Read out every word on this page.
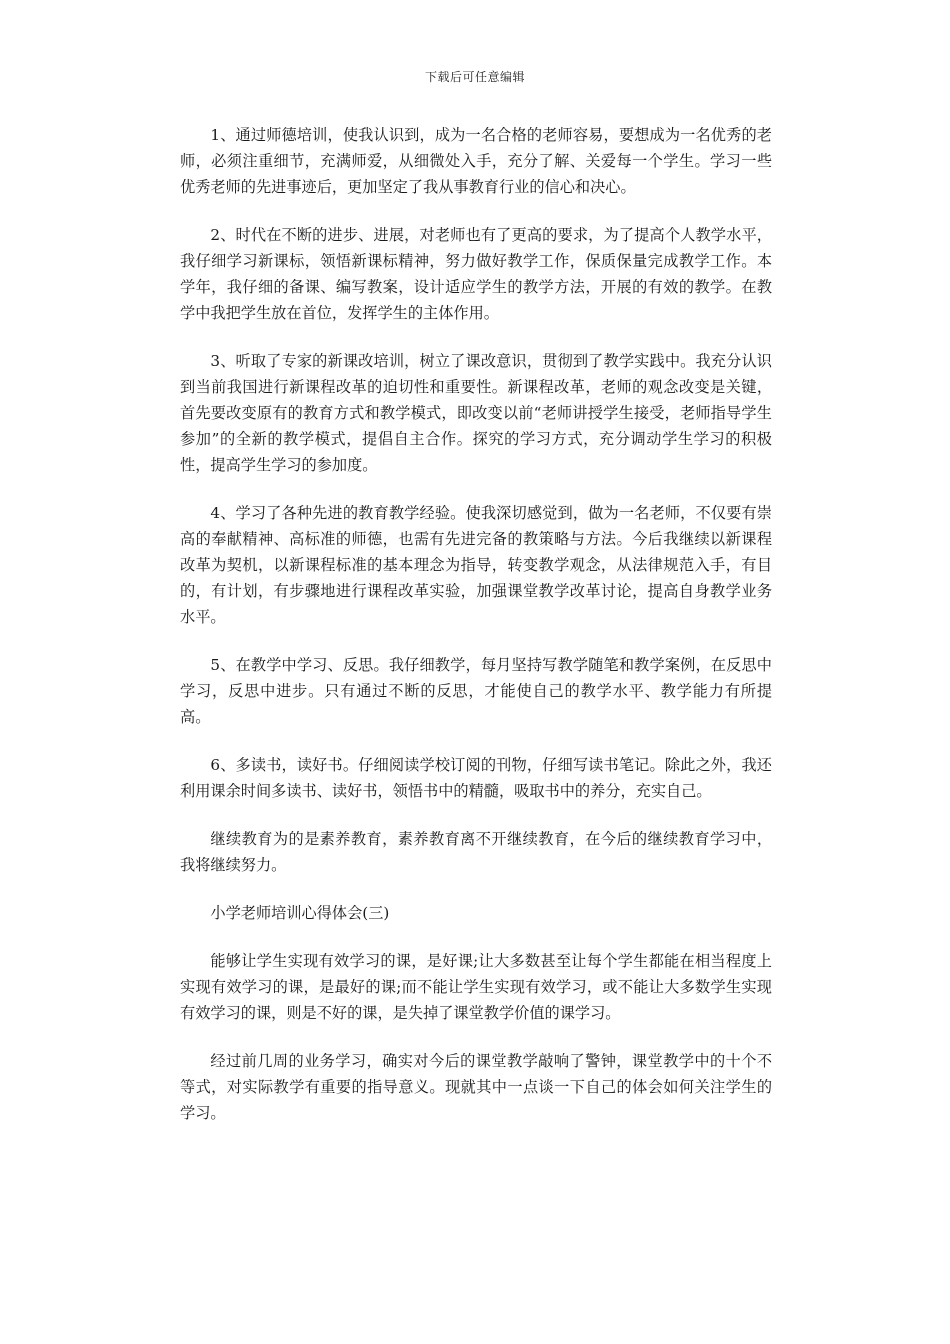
下载后可任意编辑

1、通过师德培训，使我认识到，成为一名合格的老师容易，要想成为一名优秀的老师，必须注重细节，充满师爱，从细微处入手，充分了解、关爱每一个学生。学习一些优秀老师的先进事迹后，更加坚定了我从事教育行业的信心和决心。

2、时代在不断的进步、进展，对老师也有了更高的要求，为了提高个人教学水平，我仔细学习新课标，领悟新课标精神，努力做好教学工作，保质保量完成教学工作。本学年，我仔细的备课、编写教案，设计适应学生的教学方法，开展的有效的教学。在教学中我把学生放在首位，发挥学生的主体作用。

3、听取了专家的新课改培训，树立了课改意识，贯彻到了教学实践中。我充分认识到当前我国进行新课程改革的迫切性和重要性。新课程改革，老师的观念改变是关键，首先要改变原有的教育方式和教学模式，即改变以前“老师讲授学生接受，老师指导学生参加”的全新的教学模式，提倡自主合作。探究的学习方式，充分调动学生学习的积极性，提高学生学习的参加度。

4、学习了各种先进的教育教学经验。使我深切感觉到，做为一名老师，不仅要有崇高的奉献精神、高标准的师德，也需有先进完备的教策略与方法。今后我继续以新课程改革为契机，以新课程标准的基本理念为指导，转变教学观念，从法律规范入手，有目的，有计划，有步骤地进行课程改革实验，加强课堂教学改革讨论，提高自身教学业务水平。

5、在教学中学习、反思。我仔细教学，每月坚持写教学随笔和教学案例，在反思中学习，反思中进步。只有通过不断的反思，才能使自己的教学水平、教学能力有所提高。

6、多读书，读好书。仔细阅读学校订阅的刊物，仔细写读书笔记。除此之外，我还利用课余时间多读书、读好书，领悟书中的精髓，吸取书中的养分，充实自己。

继续教育为的是素养教育，素养教育离不开继续教育，在今后的继续教育学习中，我将继续努力。

小学老师培训心得体会(三)

能够让学生实现有效学习的课，是好课;让大多数甚至让每个学生都能在相当程度上实现有效学习的课，是最好的课;而不能让学生实现有效学习，或不能让大多数学生实现有效学习的课，则是不好的课，是失掉了课堂教学价值的课学习。

经过前几周的业务学习，确实对今后的课堂教学敲响了警钟，课堂教学中的十个不等式，对实际教学有重要的指导意义。现就其中一点谈一下自己的体会如何关注学生的学习。
